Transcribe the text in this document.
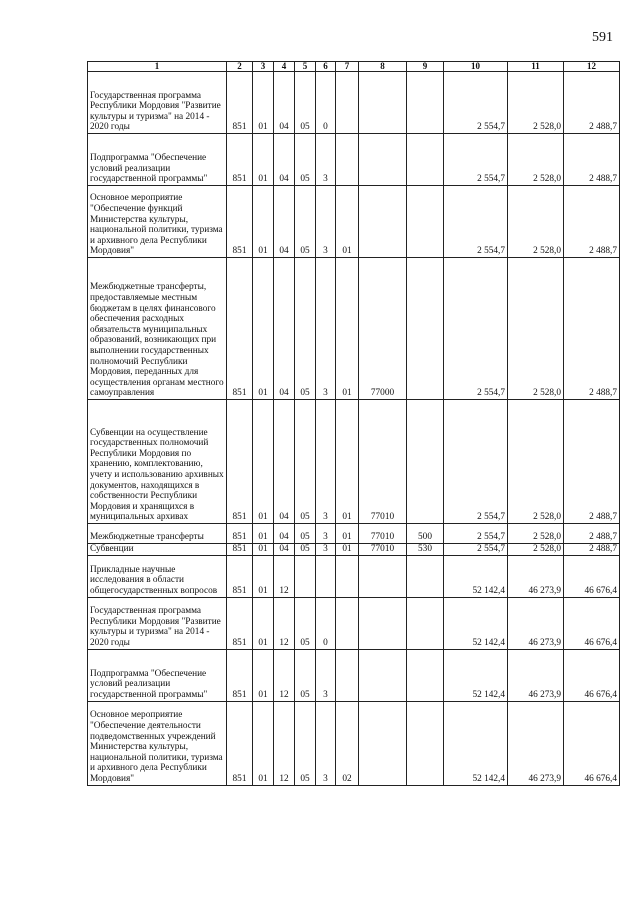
591
1	2	3	4	5	6	7	8	9	10	11	12
Государственная программа Республики Мордовия "Развитие культуры и туризма" на 2014 - 2020 годы	851	01	04	05	0				2 554,7	2 528,0	2 488,7
Подпрограмма "Обеспечение условий реализации государственной программы"	851	01	04	05	3				2 554,7	2 528,0	2 488,7
Основное мероприятие "Обеспечение функций Министерства культуры, национальной политики, туризма и архивного дела Республики Мордовия"	851	01	04	05	3	01			2 554,7	2 528,0	2 488,7
Межбюджетные трансферты, предоставляемые местным бюджетам в целях финансового обеспечения расходных обязательств муниципальных образований, возникающих при выполнении государственных полномочий Республики Мордовия, переданных для осуществления органам местного самоуправления	851	01	04	05	3	01	77000		2 554,7	2 528,0	2 488,7
Субвенции на осуществление государственных полномочий Республики Мордовия по хранению, комплектованию, учету и использованию архивных документов, находящихся в собственности Республики Мордовия и хранящихся в муниципальных архивах	851	01	04	05	3	01	77010		2 554,7	2 528,0	2 488,7
Межбюджетные трансферты	851	01	04	05	3	01	77010	500	2 554,7	2 528,0	2 488,7
Субвенции	851	01	04	05	3	01	77010	530	2 554,7	2 528,0	2 488,7
Прикладные научные исследования в области общегосударственных вопросов	851	01	12						52 142,4	46 273,9	46 676,4
Государственная программа Республики Мордовия "Развитие культуры и туризма" на 2014 - 2020 годы	851	01	12	05	0				52 142,4	46 273,9	46 676,4
Подпрограмма "Обеспечение условий реализации государственной программы"	851	01	12	05	3				52 142,4	46 273,9	46 676,4
Основное мероприятие "Обеспечение деятельности подведомственных учреждений Министерства культуры, национальной политики, туризма и архивного дела Республики Мордовия"	851	01	12	05	3	02			52 142,4	46 273,9	46 676,4
